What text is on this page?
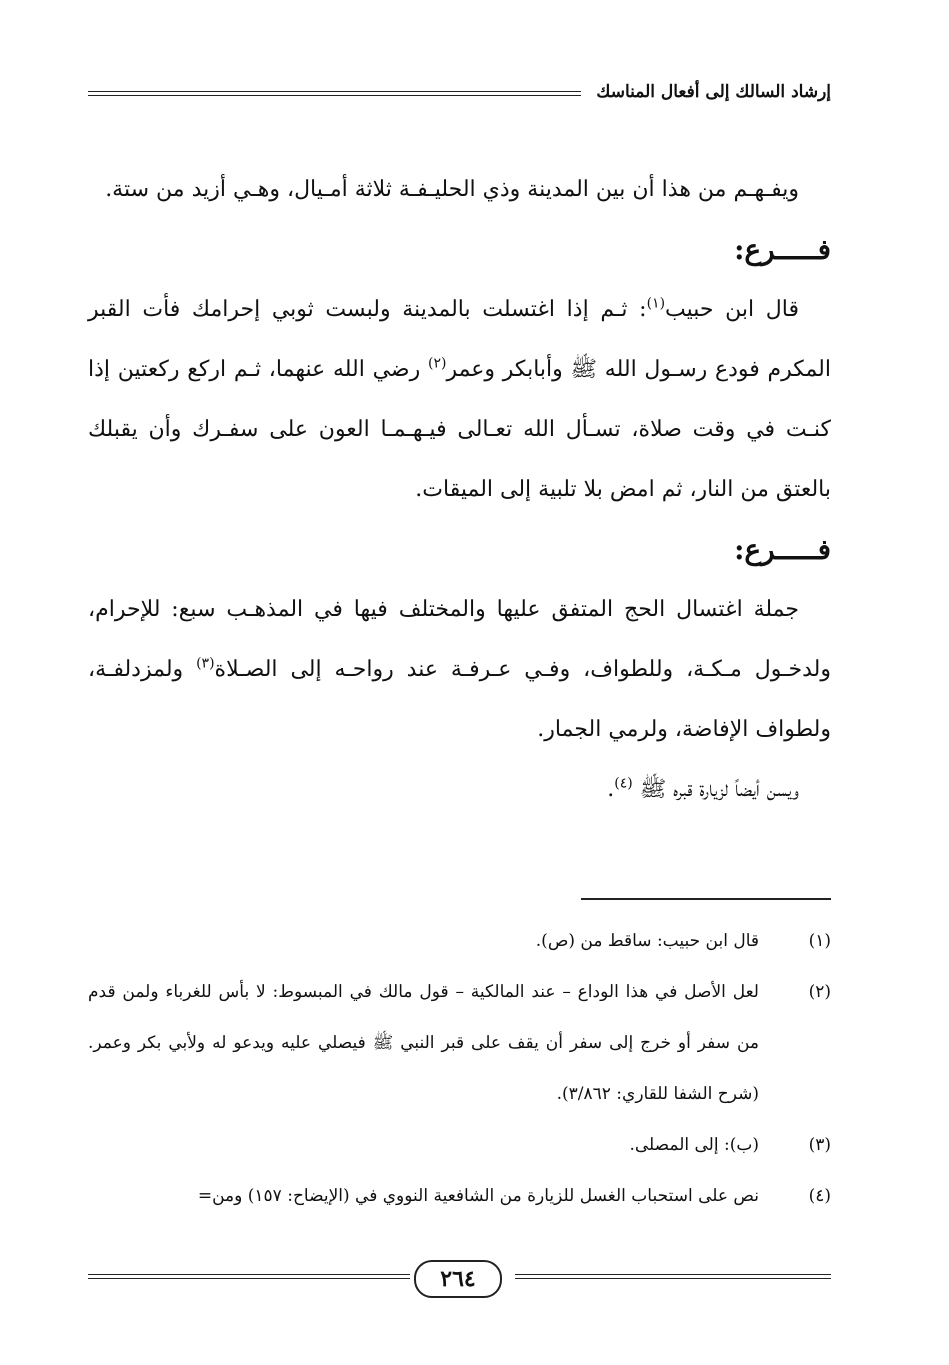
إرشاد السالك إلى أفعال المناسك

ويفـهـم من هذا أن بين المدينة وذي الحليـفـة ثلاثة أمـيال، وهـي أزيد من ستة.

فـــــرع:

قال ابن حبيب$^{(١)}$: ثـم إذا اغتسلت بالمدينة ولبست ثوبي إحرامك فأت القبر المكرم فودع رسـول الله ﷺ وأبابكر وعمر$^{(٢)}$ رضي الله عنهما، ثـم اركع ركعتين إذا كنـت في وقت صلاة، تسـأل الله تعـالى فيـهـمـا العون على سفـرك وأن يقبلك بالعتق من النار، ثم امض بلا تلبية إلى الميقات.

فـــــرع:

جملة اغتسال الحج المتفق عليها والمختلف فيها في المذهـب سبع: للإحرام، ولدخـول مـكـة، وللطواف، وفـي عـرفـة عند رواحـه إلى الصـلاة$^{(٣)}$ ولمزدلفـة، ولطواف الإفاضة، ولرمي الجمار.

ويسن أيضاً لزيارة قبره ﷺ $^{(٤)}$.

(١)
قال ابن حبيب: ساقط من (ص).
(٢)
لعل الأصل في هذا الوداع – عند المالكية – قول مالك في المبسوط: لا بأس للغرباء ولمن قدم من سفر أو خرج إلى سفر أن يقف على قبر النبي ﷺ فيصلي عليه ويدعو له ولأبي بكر وعمر. (شرح الشفا للقاري: ٣/٨٦٢).
(٣)
(ب): إلى المصلى.
(٤)
نص على استحباب الغسل للزيارة من الشافعية النووي في (الإيضاح: ١٥٧) ومن=
٢٦٤
